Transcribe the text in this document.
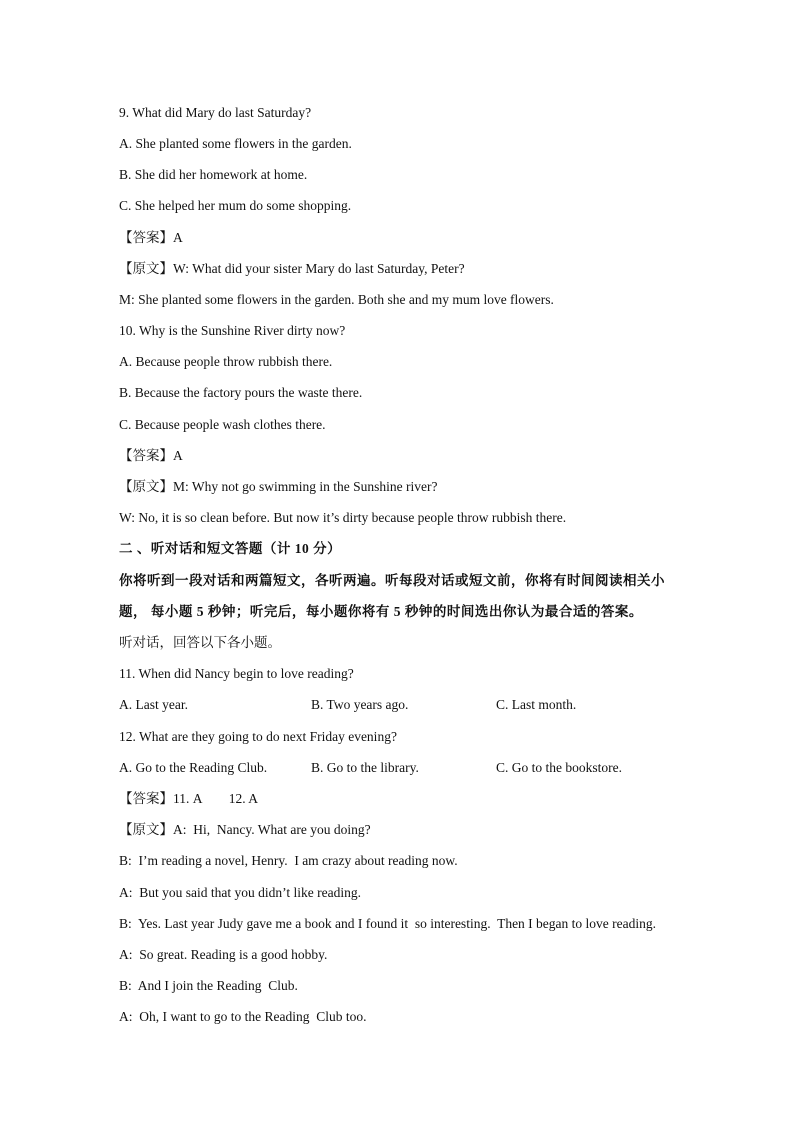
9. What did Mary do last Saturday?
A. She planted some flowers in the garden.
B. She did her homework at home.
C. She helped her mum do some shopping.
【答案】A
【原文】W: What did your sister Mary do last Saturday, Peter?
M: She planted some flowers in the garden. Both she and my mum love flowers.
10. Why is the Sunshine River dirty now?
A. Because people throw rubbish there.
B. Because the factory pours the waste there.
C. Because people wash clothes there.
【答案】A
【原文】M: Why not go swimming in the Sunshine river?
W: No, it is so clean before. But now it’s dirty because people throw rubbish there.
二 、听对话和短文答题（计 10 分）
你将听到一段对话和两篇短文，各听两遍。听每段对话或短文前，你将有时间阅读相关小
题， 每小题 5 秒钟；听完后，每小题你将有 5 秒钟的时间选出你认为最合适的答案。
听对话，回答以下各小题。
11. When did Nancy begin to love reading?
A. Last year.	B. Two years ago.	C. Last month.
12. What are they going to do next Friday evening?
A. Go to the Reading Club.	B. Go to the library.	C. Go to the bookstore.
【答案】11. A        12. A
【原文】A:  Hi,  Nancy. What are you doing?
B:  I’m reading a novel, Henry.  I am crazy about reading now.
A:  But you said that you didn’t like reading.
B:  Yes. Last year Judy gave me a book and I found it  so interesting.  Then I began to love reading.
A:  So great. Reading is a good hobby.
B:  And I join the Reading  Club.
A:  Oh, I want to go to the Reading  Club too.
